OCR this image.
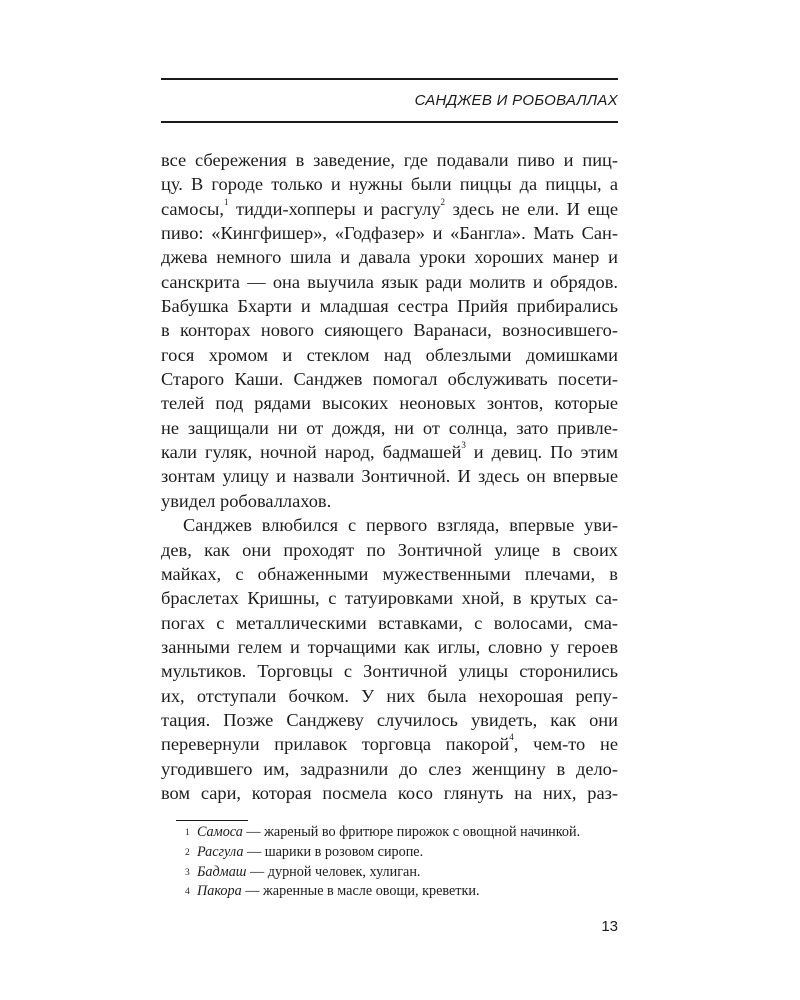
САНДЖЕВ И РОБОВАЛЛАХ
все сбережения в заведение, где подавали пиво и пиц-
цу. В городе только и нужны были пиццы да пиццы, а
самосы,$^1$ тидди-хопперы и расгулу$^2$ здесь не ели. И еще
пиво: «Кингфишер», «Годфазер» и «Бангла». Мать Сан-
джева немного шила и давала уроки хороших манер и
санскрита — она выучила язык ради молитв и обрядов.
Бабушка Бхарти и младшая сестра Прийя прибирались
в конторах нового сияющего Варанаси, возносившего-
гося хромом и стеклом над облезлыми домишками
Старого Каши. Санджев помогал обслуживать посети-
телей под рядами высоких неоновых зонтов, которые
не защищали ни от дождя, ни от солнца, зато привле-
кали гуляк, ночной народ, бадмашей$^3$ и девиц. По этим
зонтам улицу и назвали Зонтичной. И здесь он впервые
увидел робоваллахов.
Санджев влюбился с первого взгляда, впервые уви-
дев, как они проходят по Зонтичной улице в своих
майках, с обнаженными мужественными плечами, в
браслетах Кришны, с татуировками хной, в крутых са-
погах с металлическими вставками, с волосами, сма-
занными гелем и торчащими как иглы, словно у героев
мультиков. Торговцы с Зонтичной улицы сторонились
их, отступали бочком. У них была нехорошая репу-
тация. Позже Санджеву случилось увидеть, как они
перевернули прилавок торговца пакорой$^4$, чем-то не
угодившего им, задразнили до слез женщину в дело-
вом сари, которая посмела косо глянуть на них, раз-
1 Самоса — жареный во фритюре пирожок с овощной начинкой.
2 Расгула — шарики в розовом сиропе.
3 Бадмаш — дурной человек, хулиган.
4 Пакора — жаренные в масле овощи, креветки.
13
